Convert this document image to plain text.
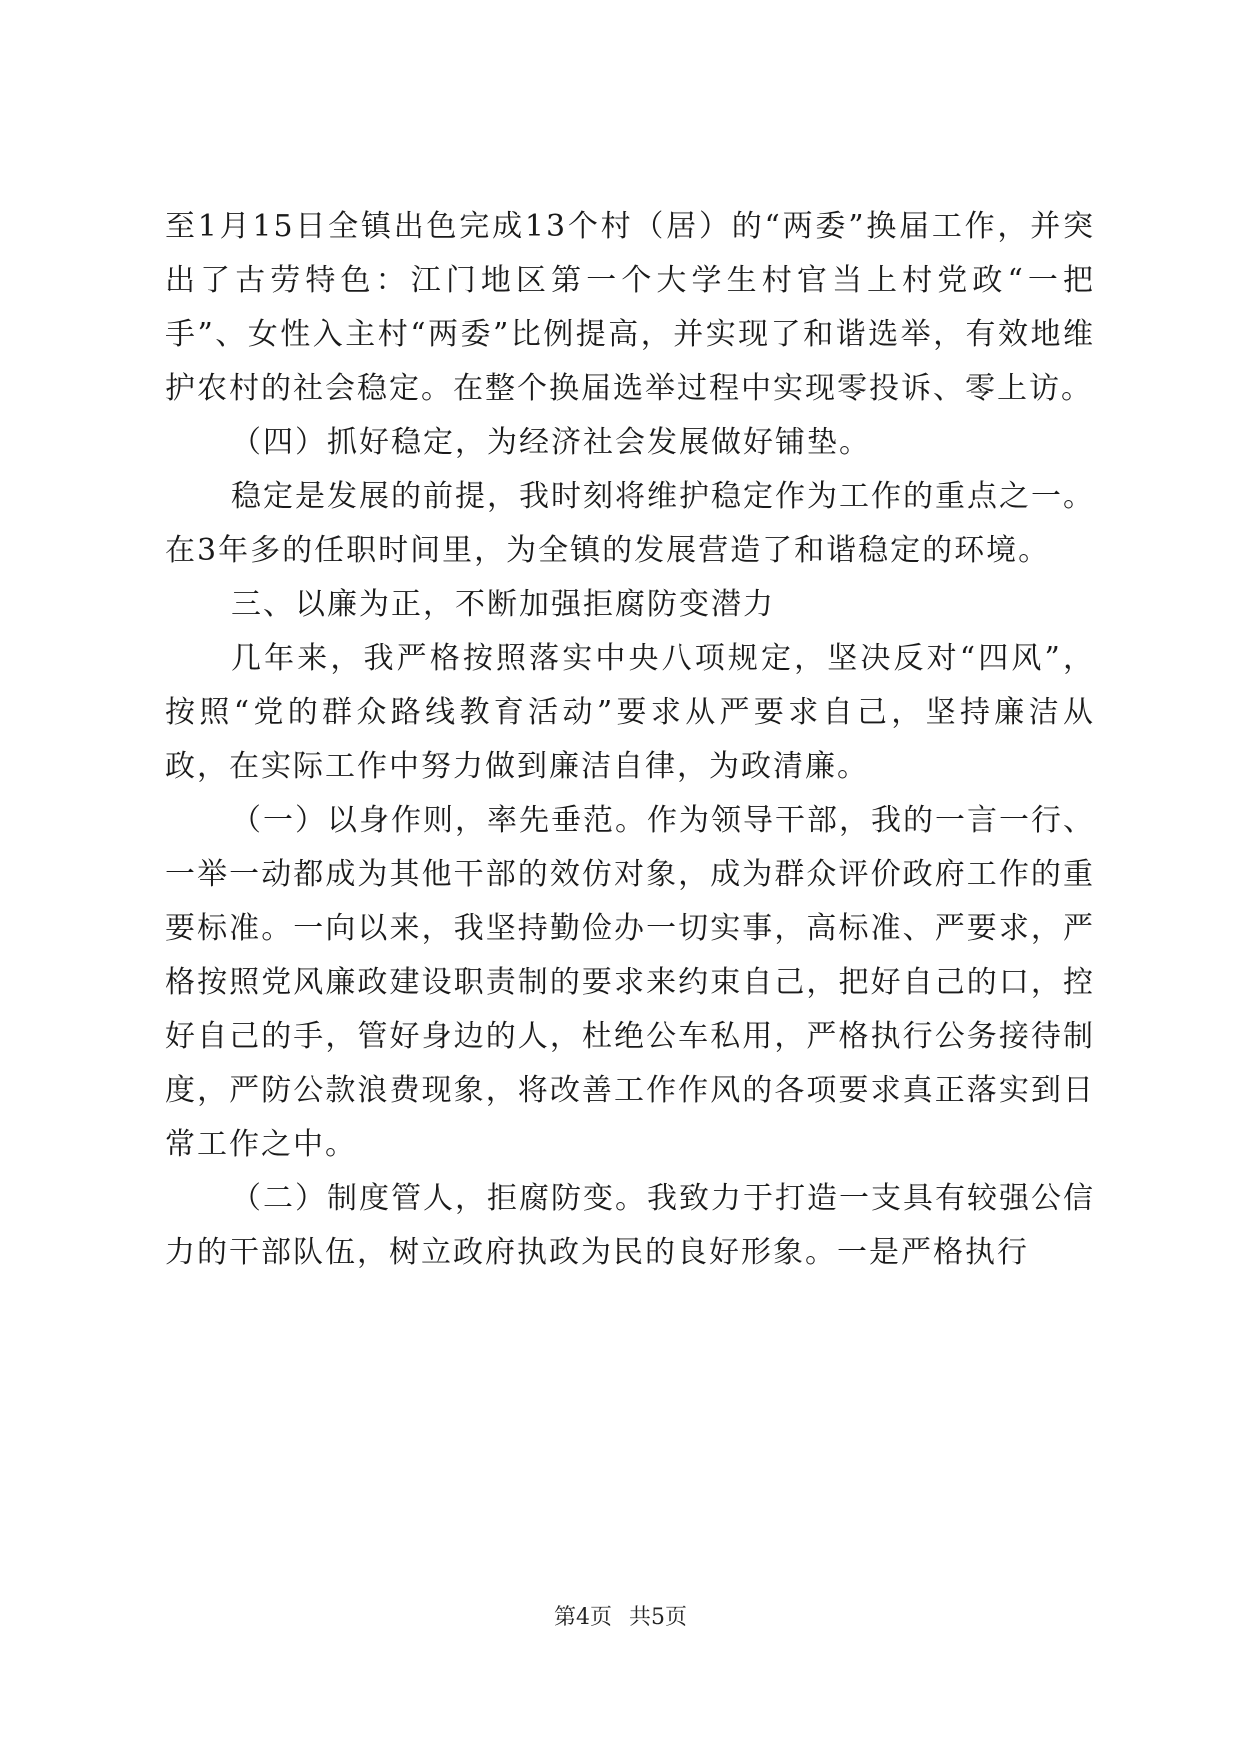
至1月15日全镇出色完成13个村（居）的“两委”换届工作，并突出了古劳特色：江门地区第一个大学生村官当上村党政“一把手”、女性入主村“两委”比例提高，并实现了和谐选举，有效地维护农村的社会稳定。在整个换届选举过程中实现零投诉、零上访。

（四）抓好稳定，为经济社会发展做好铺垫。

稳定是发展的前提，我时刻将维护稳定作为工作的重点之一。在3年多的任职时间里，为全镇的发展营造了和谐稳定的环境。

三、以廉为正，不断加强拒腐防变潜力

几年来，我严格按照落实中央八项规定，坚决反对“四风”，按照“党的群众路线教育活动”要求从严要求自己，坚持廉洁从政，在实际工作中努力做到廉洁自律，为政清廉。

（一）以身作则，率先垂范。作为领导干部，我的一言一行、一举一动都成为其他干部的效仿对象，成为群众评价政府工作的重要标准。一向以来，我坚持勤俭办一切实事，高标准、严要求，严格按照党风廉政建设职责制的要求来约束自己，把好自己的口，控好自己的手，管好身边的人，杜绝公车私用，严格执行公务接待制度，严防公款浪费现象，将改善工作作风的各项要求真正落实到日常工作之中。

（二）制度管人，拒腐防变。我致力于打造一支具有较强公信力的干部队伍，树立政府执政为民的良好形象。一是严格执行

第4页 共5页
